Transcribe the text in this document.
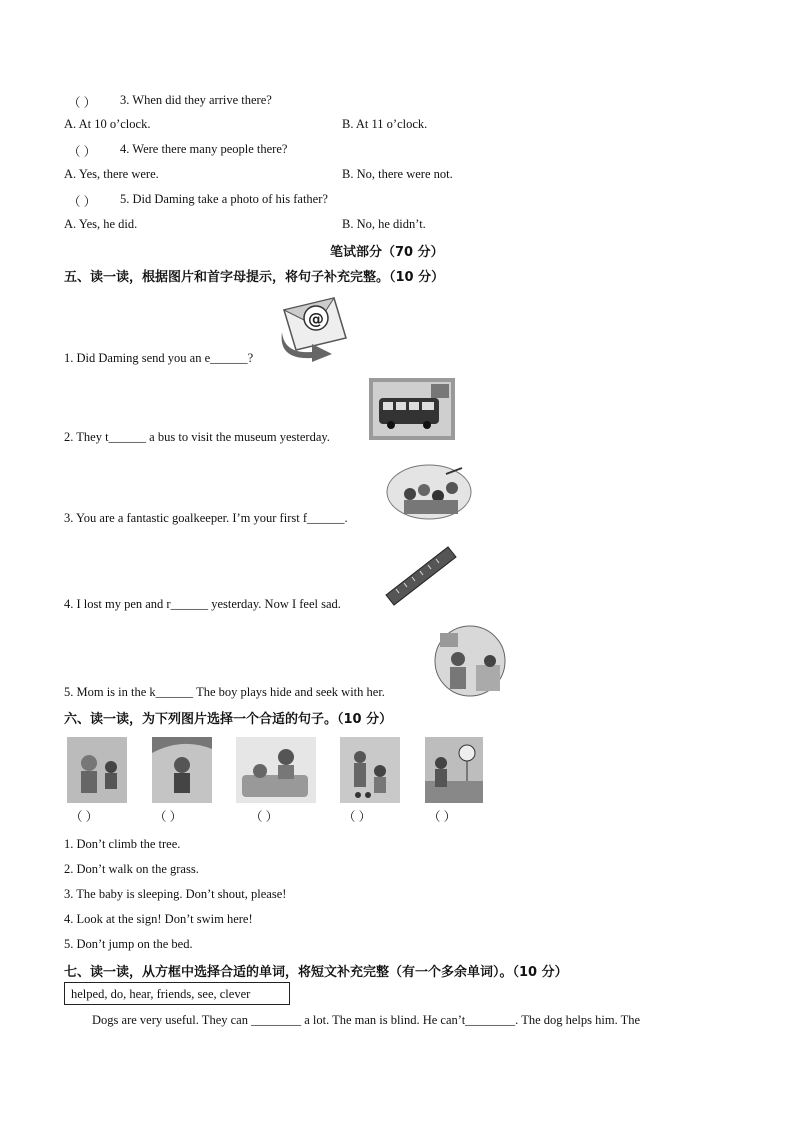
（ ） 3. When did they arrive there?
A. At 10 o’clock.	B. At 11 o’clock.
（ ） 4. Were there many people there?
A. Yes, there were.	B. No, there were not.
（ ） 5. Did Daming take a photo of his father?
A. Yes, he did.	B. No, he didn’t.
笔试部分（70 分）
五、读一读，根据图片和首字母提示，将句子补充完整。（10 分）
@
1. Did Daming send you an e______?
2. They t______ a bus to visit the museum yesterday.
3. You are a fantastic goalkeeper. I’m your first f______.
4. I lost my pen and r______ yesterday. Now I feel sad.
5. Mom is in the k______ The boy plays hide and seek with her.
六、读一读，为下列图片选择一个合适的句子。（10 分）
（ ）	（ ）	（ ）	（ ）	（ ）
1. Don’t climb the tree.
2. Don’t walk on the grass.
3. The baby is sleeping. Don’t shout, please!
4. Look at the sign! Don’t swim here!
5. Don’t jump on the bed.
七、读一读，从方框中选择合适的单词，将短文补充完整（有一个多余单词）。（10 分）
helped, do, hear, friends, see, clever
Dogs are very useful. They can ________ a lot. The man is blind. He can’t________. The dog helps him. The
